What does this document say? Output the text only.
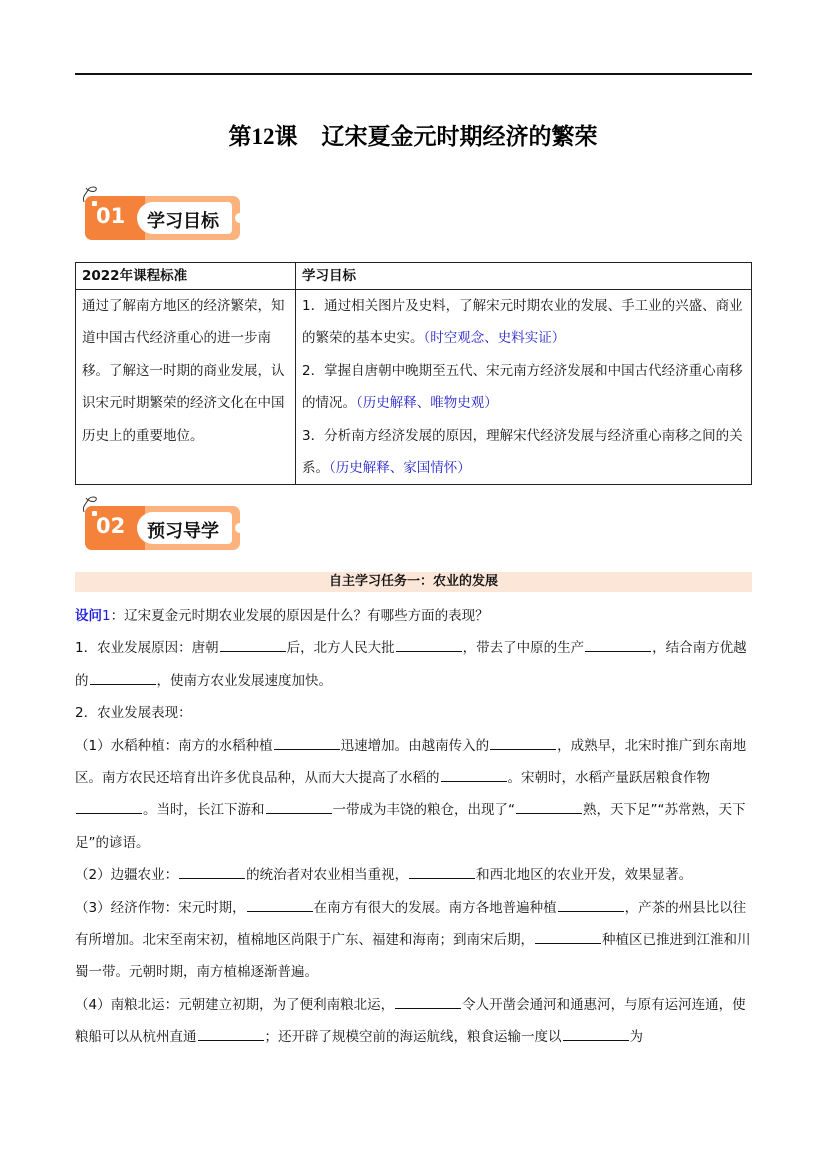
第12课 辽宋夏金元时期经济的繁荣
01 学习目标
2022年课程标准	学习目标
通过了解南方地区的经济繁荣，知道中国古代经济重心的进一步南移。了解这一时期的商业发展，认识宋元时期繁荣的经济文化在中国历史上的重要地位。	1．通过相关图片及史料，了解宋元时期农业的发展、手工业的兴盛、商业的繁荣的基本史实。（时空观念、史料实证）
2．掌握自唐朝中晚期至五代、宋元南方经济发展和中国古代经济重心南移的情况。（历史解释、唯物史观）
3．分析南方经济发展的原因，理解宋代经济发展与经济重心南移之间的关系。（历史解释、家国情怀）
02 预习导学
自主学习任务一：农业的发展

设问1：辽宋夏金元时期农业发展的原因是什么？有哪些方面的表现？

1．农业发展原因：唐朝	后，北方人民大批	，带去了中原的生产	，结合南方优越的	，使南方农业发展速度加快。

2．农业发展表现：

（1）水稻种植：南方的水稻种植	迅速增加。由越南传入的	，成熟早，北宋时推广到东南地区。南方农民还培育出许多优良品种，从而大大提高了水稻的	。宋朝时，水稻产量跃居粮食作物。当时，长江下游和	一带成为丰饶的粮仓，出现了“	熟，天下足”“苏常熟，天下足”的谚语。

（2）边疆农业：	的统治者对农业相当重视，	和西北地区的农业开发，效果显著。

（3）经济作物：宋元时期，	在南方有很大的发展。南方各地普遍种植	，产茶的州县比以往有所增加。北宋至南宋初，植棉地区尚限于广东、福建和海南；到南宋后期，	种植区已推进到江淮和川蜀一带。元朝时期，南方植棉逐渐普遍。

（4）南粮北运：元朝建立初期，为了便利南粮北运，	令人开凿会通河和通惠河，与原有运河连通，使粮船可以从杭州直通	；还开辟了规模空前的海运航线，粮食运输一度以	为
